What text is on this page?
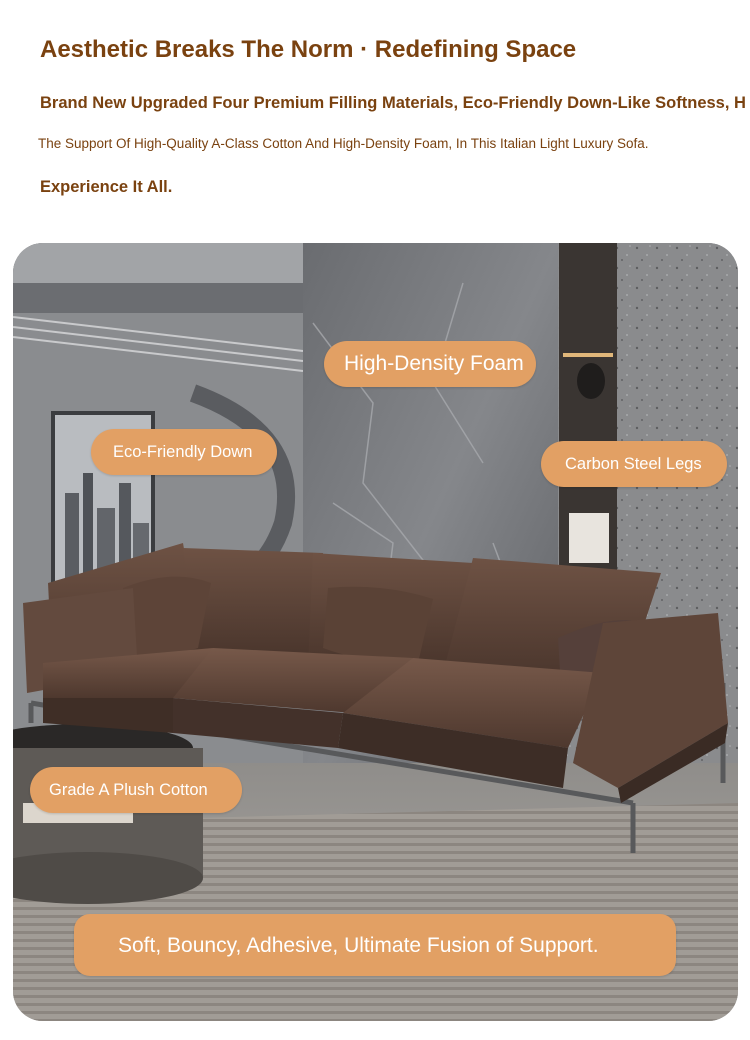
Aesthetic Breaks The Norm · Redefining Space

Brand New Upgraded Four Premium Filling Materials, Eco-Friendly Down-Like Softness, H

The Support Of High-Quality A-Class Cotton And High-Density Foam, In This Italian Light Luxury Sofa.

Experience It All.

High-Density Foam
Eco-Friendly Down
Carbon Steel Legs
Grade A Plush Cotton
Soft, Bouncy, Adhesive, Ultimate Fusion of Support.
